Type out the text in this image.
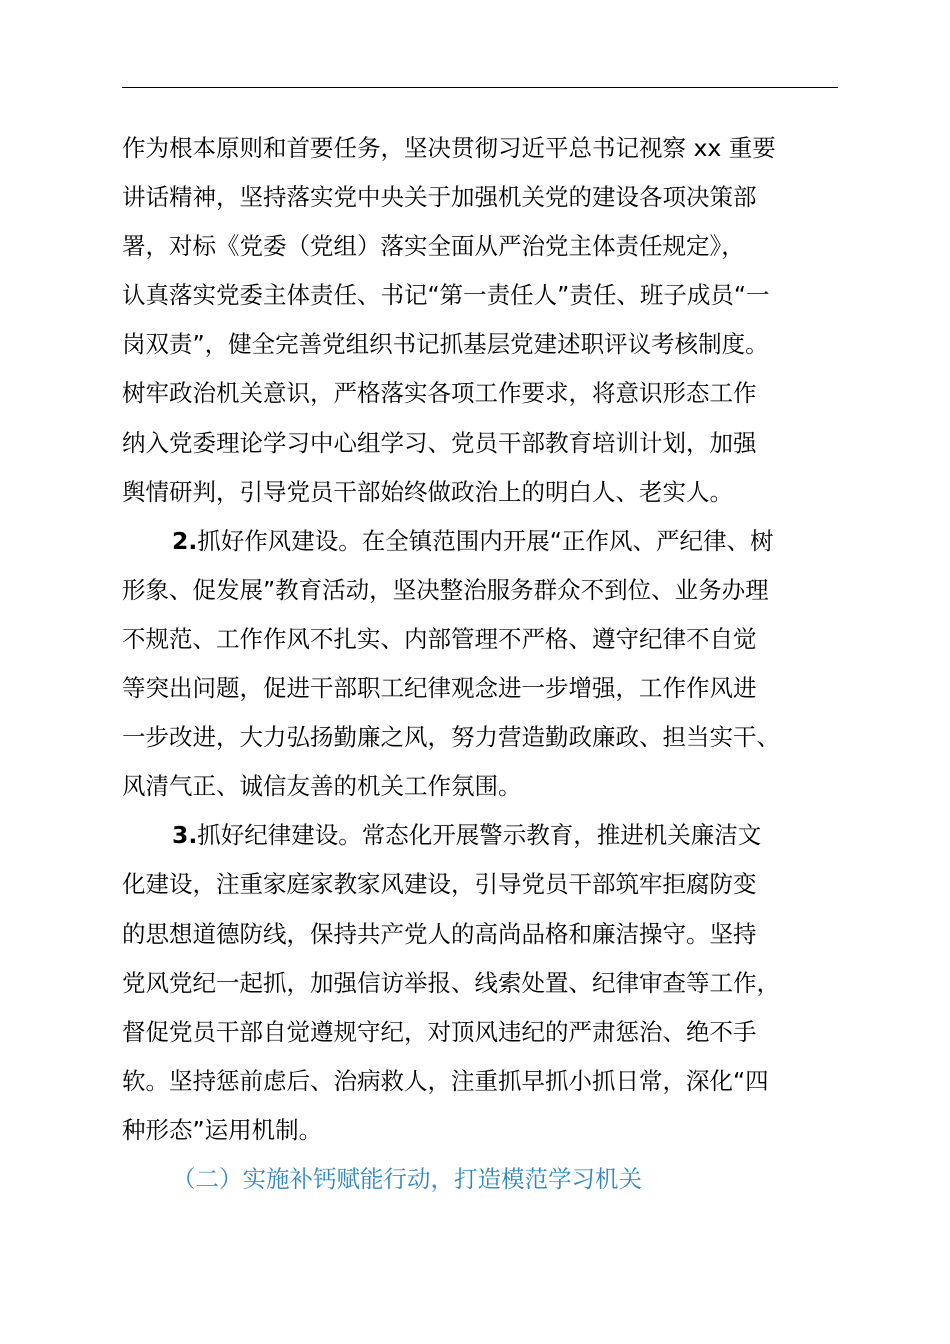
作为根本原则和首要任务，坚决贯彻习近平总书记视察 xx 重要
讲话精神，坚持落实党中央关于加强机关党的建设各项决策部
署，对标《党委（党组）落实全面从严治党主体责任规定》，
认真落实党委主体责任、书记“第一责任人”责任、班子成员“一
岗双责”，健全完善党组织书记抓基层党建述职评议考核制度。
树牢政治机关意识，严格落实各项工作要求，将意识形态工作
纳入党委理论学习中心组学习、党员干部教育培训计划，加强
舆情研判，引导党员干部始终做政治上的明白人、老实人。
2.抓好作风建设。在全镇范围内开展“正作风、严纪律、树
形象、促发展”教育活动，坚决整治服务群众不到位、业务办理
不规范、工作作风不扎实、内部管理不严格、遵守纪律不自觉
等突出问题，促进干部职工纪律观念进一步增强，工作作风进
一步改进，大力弘扬勤廉之风，努力营造勤政廉政、担当实干、
风清气正、诚信友善的机关工作氛围。
3.抓好纪律建设。常态化开展警示教育，推进机关廉洁文
化建设，注重家庭家教家风建设，引导党员干部筑牢拒腐防变
的思想道德防线，保持共产党人的高尚品格和廉洁操守。坚持
党风党纪一起抓，加强信访举报、线索处置、纪律审查等工作，
督促党员干部自觉遵规守纪，对顶风违纪的严肃惩治、绝不手
软。坚持惩前虑后、治病救人，注重抓早抓小抓日常，深化“四
种形态”运用机制。
（二）实施补钙赋能行动，打造模范学习机关
